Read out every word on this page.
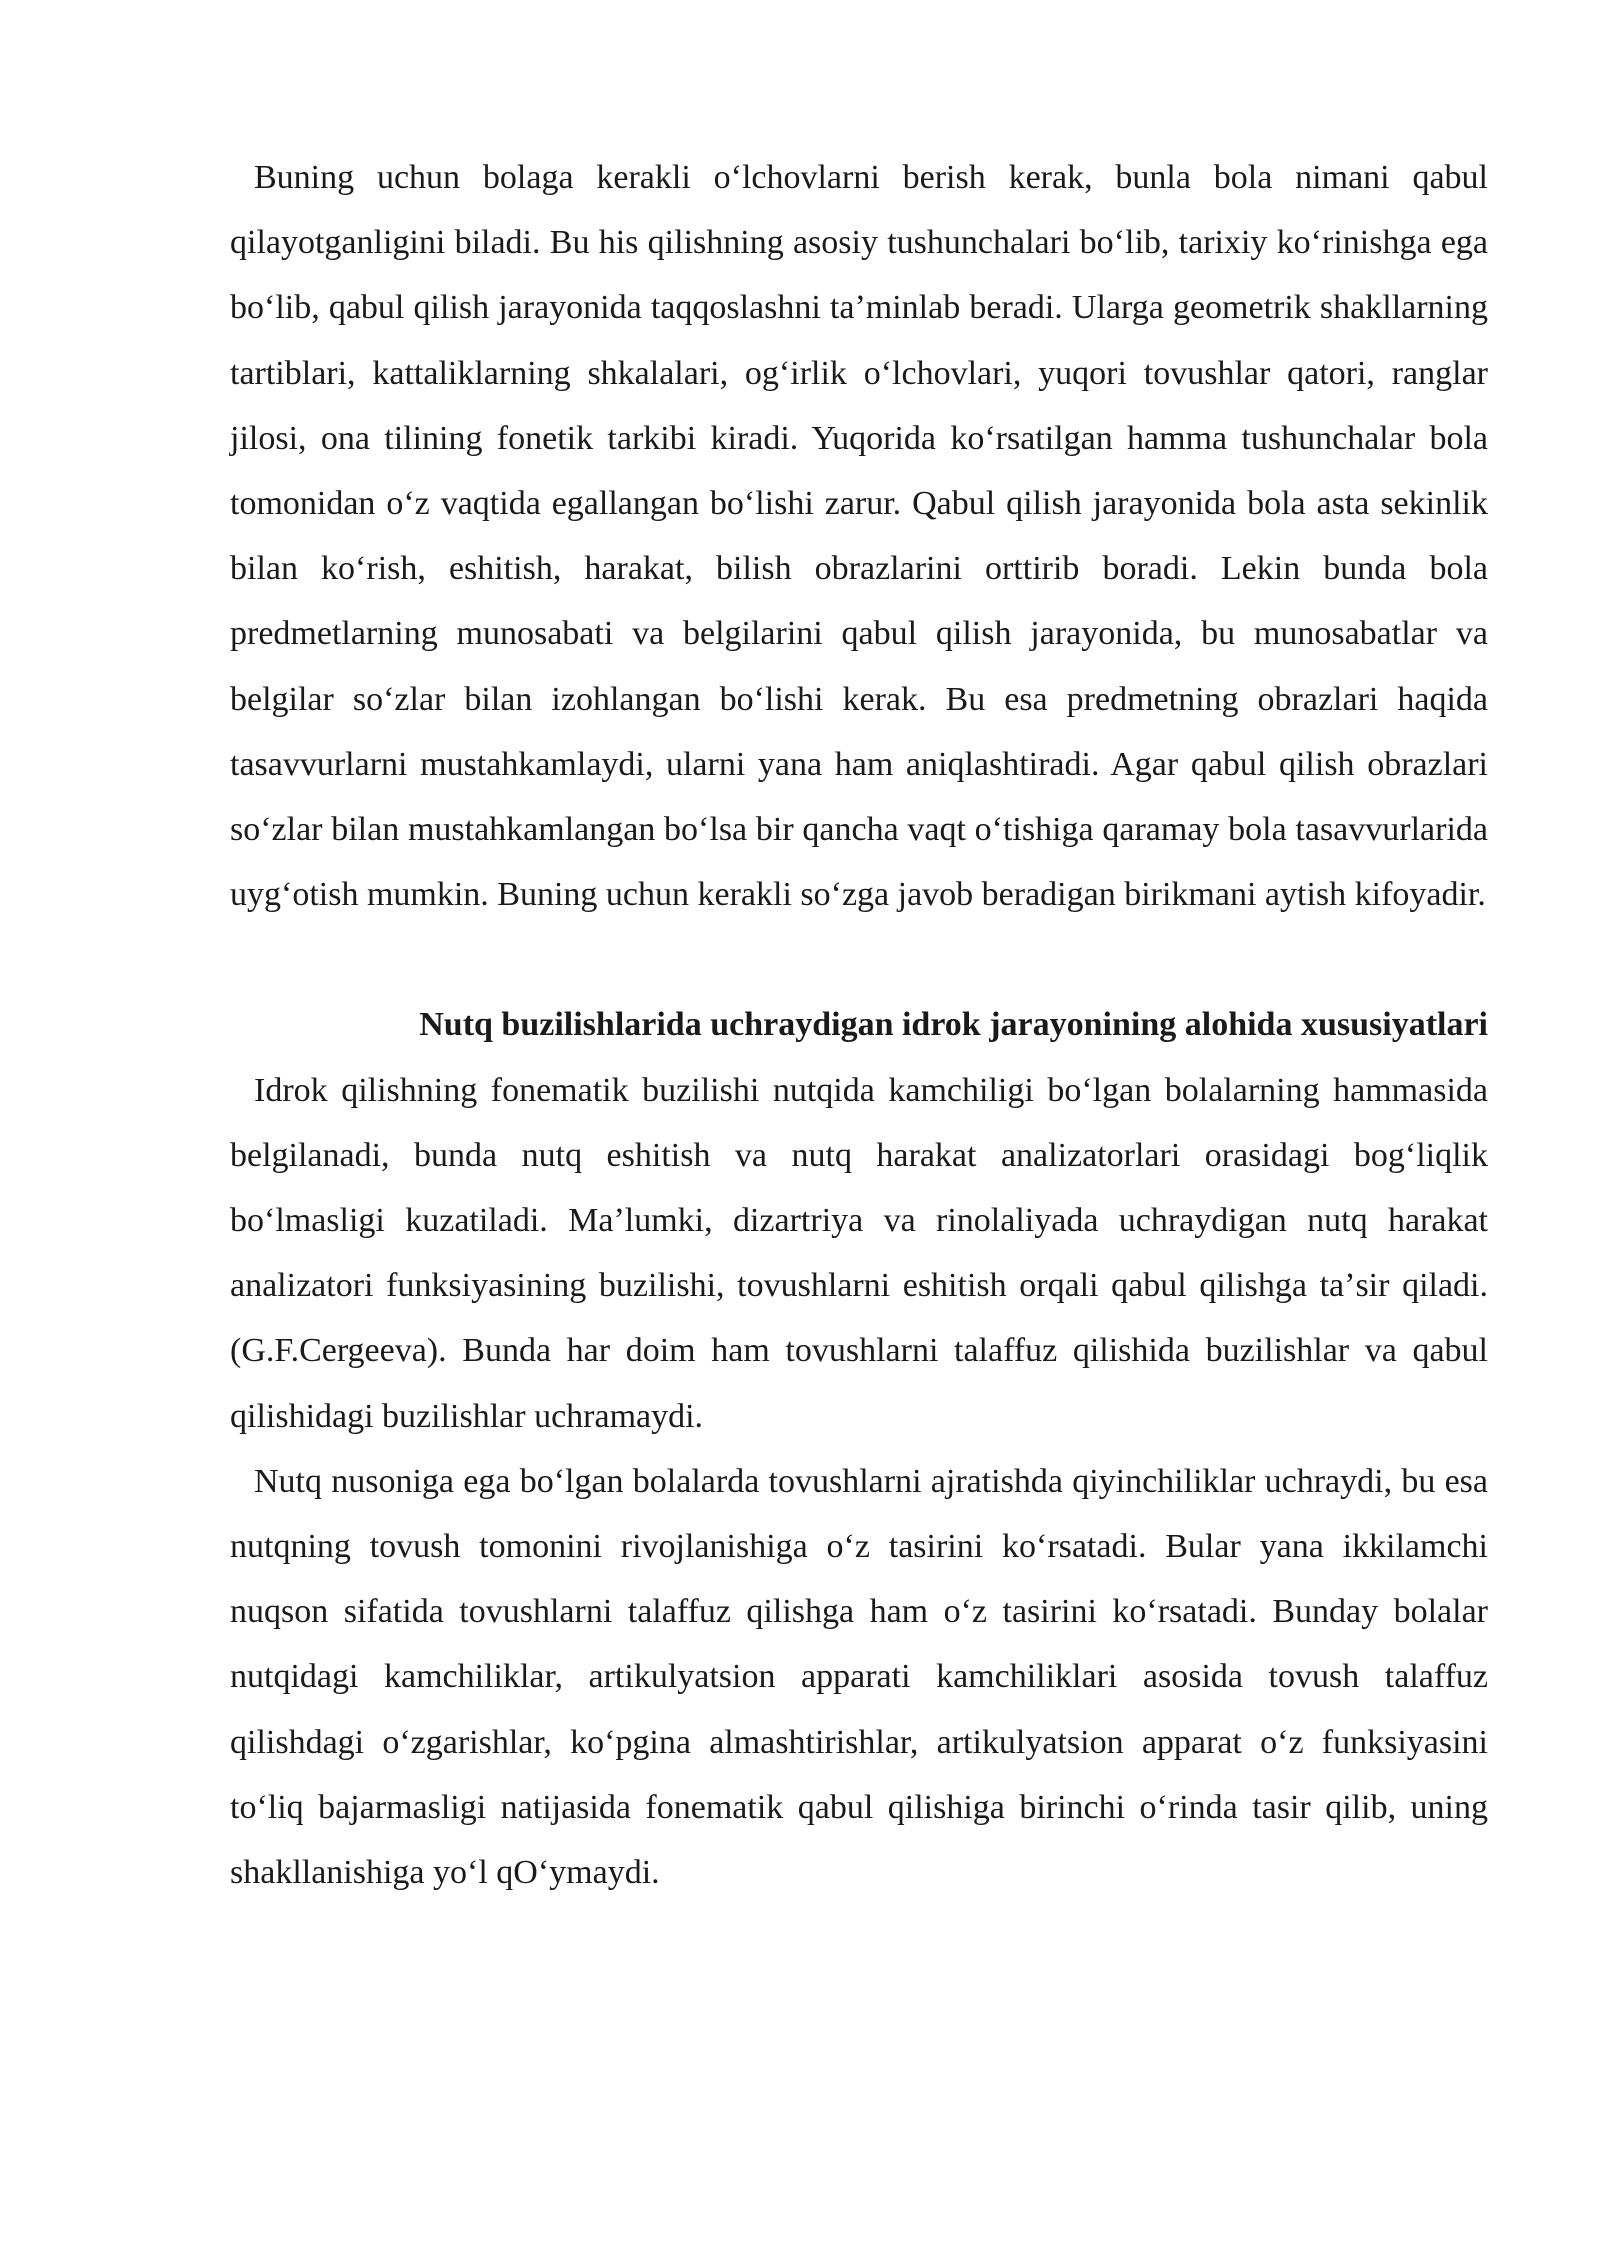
Buning uchun bolaga kerakli oʻlchovlarni berish kerak, bunla bola nimani qabul qilayotganligini biladi. Bu his qilishning asosiy tushunchalari boʻlib, tarixiy koʻrinishga ega boʻlib, qabul qilish jarayonida taqqoslashni taʼminlab beradi. Ularga geometrik shakllarning tartiblari, kattaliklarning shkalalari, ogʻirlik oʻlchovlari, yuqori tovushlar qatori, ranglar jilosi, ona tilining fonetik tarkibi kiradi. Yuqorida koʻrsatilgan hamma tushunchalar bola tomonidan oʻz vaqtida egallangan boʻlishi zarur. Qabul qilish jarayonida bola asta sekinlik bilan koʻrish, eshitish, harakat, bilish obrazlarini orttirib boradi. Lekin bunda bola predmetlarning munosabati va belgilarini qabul qilish jarayonida, bu munosabatlar va belgilar soʻzlar bilan izohlangan boʻlishi kerak. Bu esa predmetning obrazlari haqida tasavvurlarni mustahkamlaydi, ularni yana ham aniqlashtiradi. Agar qabul qilish obrazlari soʻzlar bilan mustahkamlangan boʻlsa bir qancha vaqt oʻtishiga qaramay bola tasavvurlarida uygʻotish mumkin. Buning uchun kerakli soʻzga javob beradigan birikmani aytish kifoyadir.

Nutq buzilishlarida uchraydigan idrok jarayonining alohida xususiyatlari

Idrok qilishning fonematik buzilishi nutqida kamchiligi boʻlgan bolalarning hammasida belgilanadi, bunda nutq eshitish va nutq harakat analizatorlari orasidagi bogʻliqlik boʻlmasligi kuzatiladi. Maʼlumki, dizartriya va rinolaliyada uchraydigan nutq harakat analizatori funksiyasining buzilishi, tovushlarni eshitish orqali qabul qilishga taʼsir qiladi. (G.F.Cergeeva). Bunda har doim ham tovushlarni talaffuz qilishida buzilishlar va qabul qilishidagi buzilishlar uchramaydi.

Nutq nusoniga ega boʻlgan bolalarda tovushlarni ajratishda qiyinchiliklar uchraydi, bu esa nutqning tovush tomonini rivojlanishiga oʻz tasirini koʻrsatadi. Bular yana ikkilamchi nuqson sifatida tovushlarni talaffuz qilishga ham oʻz tasirini koʻrsatadi. Bunday bolalar nutqidagi kamchiliklar, artikulyatsion apparati kamchiliklari asosida tovush talaffuz qilishdagi oʻzgarishlar, koʻpgina almashtirishlar, artikulyatsion apparat oʻz funksiyasini toʻliq bajarmasligi natijasida fonematik qabul qilishiga birinchi oʻrinda tasir qilib, uning shakllanishiga yoʻl qOʻymaydi.
